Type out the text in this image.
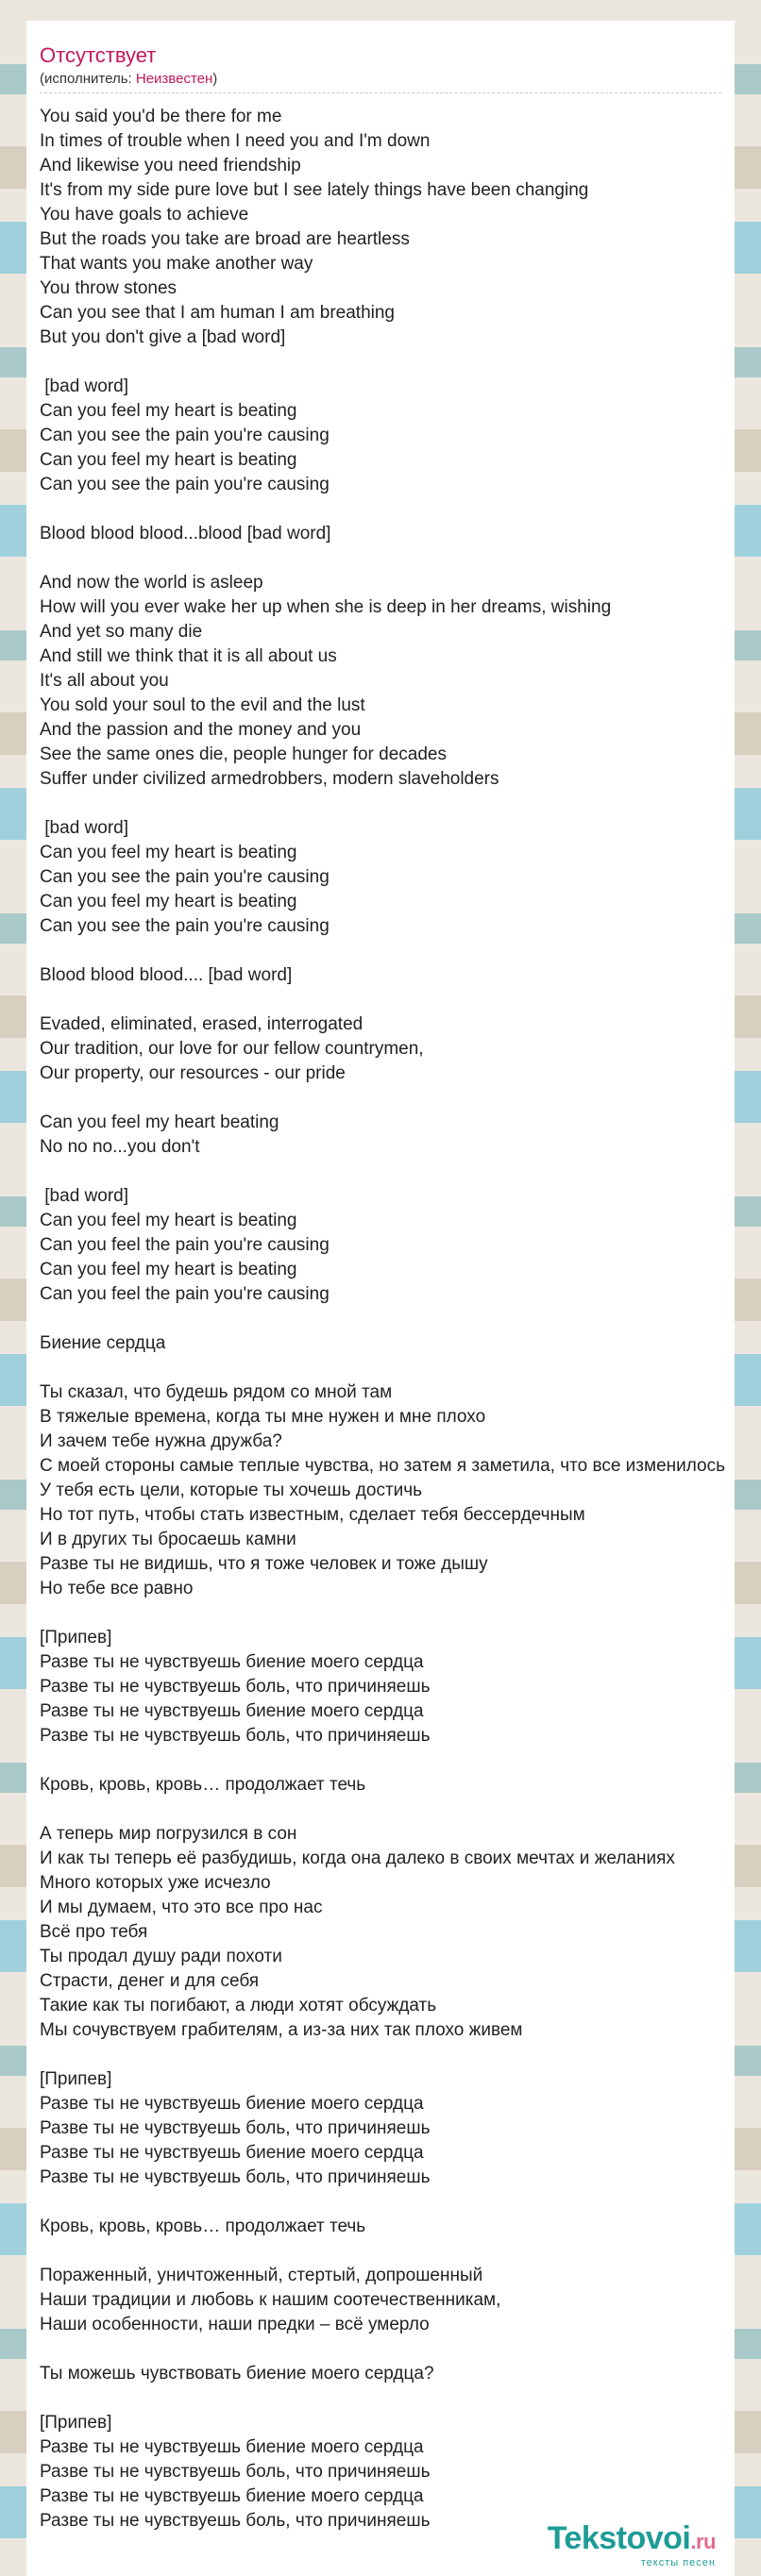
Отсутствует
(исполнитель: Неизвестен)
You said you'd be there for me
In times of trouble when I need you and I'm down
And likewise you need friendship
It's from my side pure love but I see lately things have been changing
You have goals to achieve
But the roads you take are broad are heartless
That wants you make another way
You throw stones
Can you see that I am human I am breathing
But you don't give a [bad word]

[bad word]
Can you feel my heart is beating
Can you see the pain you're causing
Can you feel my heart is beating
Can you see the pain you're causing

Blood blood blood...blood [bad word]

And now the world is asleep
How will you ever wake her up when she is deep in her dreams, wishing
And yet so many die
And still we think that it is all about us
It's all about you
You sold your soul to the evil and the lust
And the passion and the money and you
See the same ones die, people hunger for decades
Suffer under civilized armedrobbers, modern slaveholders

[bad word]
Can you feel my heart is beating
Can you see the pain you're causing
Can you feel my heart is beating
Can you see the pain you're causing

Blood blood blood.... [bad word]

Evaded, eliminated, erased, interrogated
Our tradition, our love for our fellow countrymen,
Our property, our resources - our pride

Can you feel my heart beating
No no no...you don't

[bad word]
Can you feel my heart is beating
Can you feel the pain you're causing
Can you feel my heart is beating
Can you feel the pain you're causing

Биение сердца

Ты сказал, что будешь рядом со мной там
В тяжелые времена, когда ты мне нужен и мне плохо
И зачем тебе нужна дружба?
С моей стороны самые теплые чувства, но затем я заметила, что все изменилось
У тебя есть цели, которые ты хочешь достичь
Но тот путь, чтобы стать известным, сделает тебя бессердечным
И в других ты бросаешь камни
Разве ты не видишь, что я тоже человек и тоже дышу
Но тебе все равно

[Припев]
Разве ты не чувствуешь биение моего сердца
Разве ты не чувствуешь боль, что причиняешь
Разве ты не чувствуешь биение моего сердца
Разве ты не чувствуешь боль, что причиняешь

Кровь, кровь, кровь… продолжает течь

А теперь мир погрузился в сон
И как ты теперь её разбудишь, когда она далеко в своих мечтах и желаниях
Много которых уже исчезло
И мы думаем, что это все про нас
Всё про тебя
Ты продал душу ради похоти
Страсти, денег и для себя
Такие как ты погибают, а люди хотят обсуждать
Мы сочувствуем грабителям, а из-за них так плохо живем

[Припев]
Разве ты не чувствуешь биение моего сердца
Разве ты не чувствуешь боль, что причиняешь
Разве ты не чувствуешь биение моего сердца
Разве ты не чувствуешь боль, что причиняешь

Кровь, кровь, кровь… продолжает течь

Пораженный, уничтоженный, стертый, допрошенный
Наши традиции и любовь к нашим соотечественникам,
Наши особенности, наши предки – всё умерло

Ты можешь чувствовать биение моего сердца?

[Припев]
Разве ты не чувствуешь биение моего сердца
Разве ты не чувствуешь боль, что причиняешь
Разве ты не чувствуешь биение моего сердца
Разве ты не чувствуешь боль, что причиняешь	Tekstovoi.ru
тексты песен
